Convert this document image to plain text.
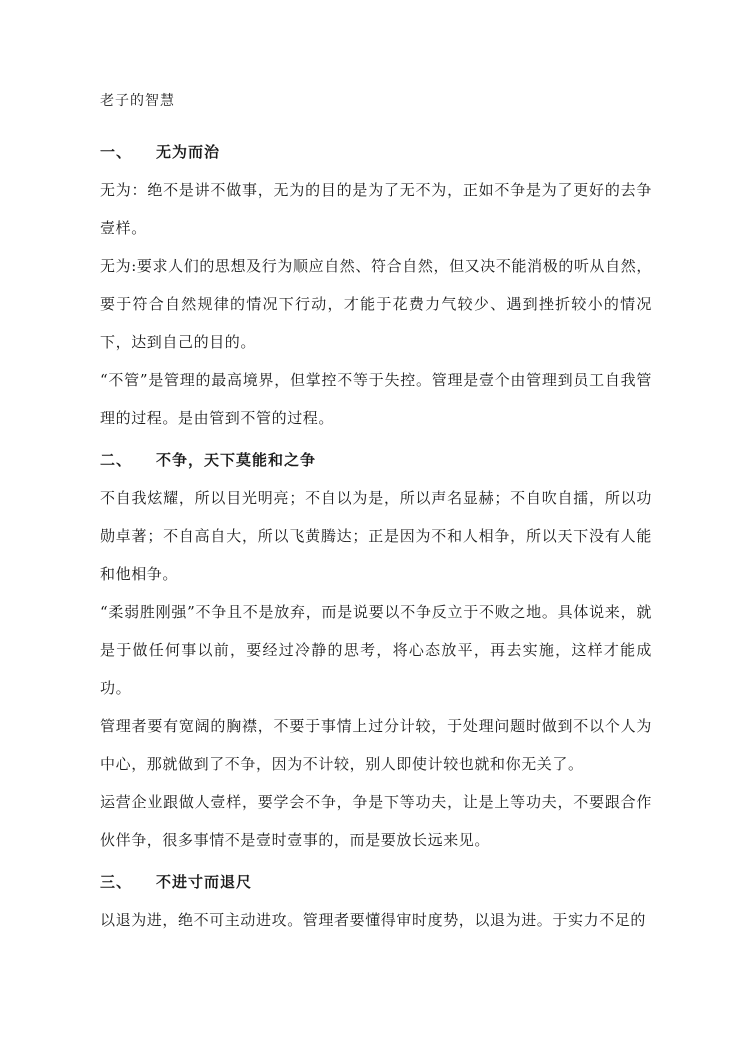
老子的智慧

一、 无为而治

无为：绝不是讲不做事，无为的目的是为了无不为，正如不争是为了更好的去争壹样。

无为:要求人们的思想及行为顺应自然、符合自然，但又决不能消极的听从自然，要于符合自然规律的情况下行动，才能于花费力气较少、遇到挫折较小的情况下，达到自己的目的。

“不管”是管理的最高境界，但掌控不等于失控。管理是壹个由管理到员工自我管理的过程。是由管到不管的过程。

二、 不争，天下莫能和之争

不自我炫耀，所以目光明亮；不自以为是，所以声名显赫；不自吹自擂，所以功勋卓著；不自高自大，所以飞黄腾达；正是因为不和人相争，所以天下没有人能和他相争。

“柔弱胜刚强”不争且不是放弃，而是说要以不争反立于不败之地。具体说来，就是于做任何事以前，要经过冷静的思考，将心态放平，再去实施，这样才能成功。

管理者要有宽阔的胸襟，不要于事情上过分计较，于处理问题时做到不以个人为中心，那就做到了不争，因为不计较，别人即使计较也就和你无关了。

运营企业跟做人壹样，要学会不争，争是下等功夫，让是上等功夫，不要跟合作伙伴争，很多事情不是壹时壹事的，而是要放长远来见。

三、 不进寸而退尺

以退为进，绝不可主动进攻。管理者要懂得审时度势，以退为进。于实力不足的
